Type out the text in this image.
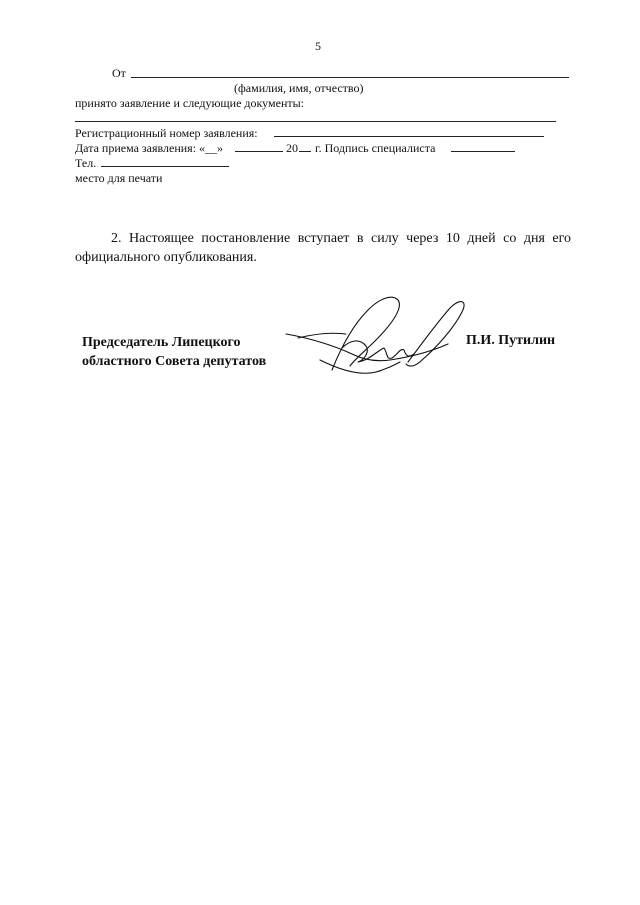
5
От
(фамилия, имя, отчество)
принято заявление и следующие документы:
Регистрационный номер заявления:
Дата приема заявления: «__»	20 г. Подпись специалиста
Тел.
место для печати
2. Настоящее постановление вступает в силу через 10 дней со дня его официального опубликования.
Председатель Липецкого
областного Совета депутатов
П.И. Путилин
